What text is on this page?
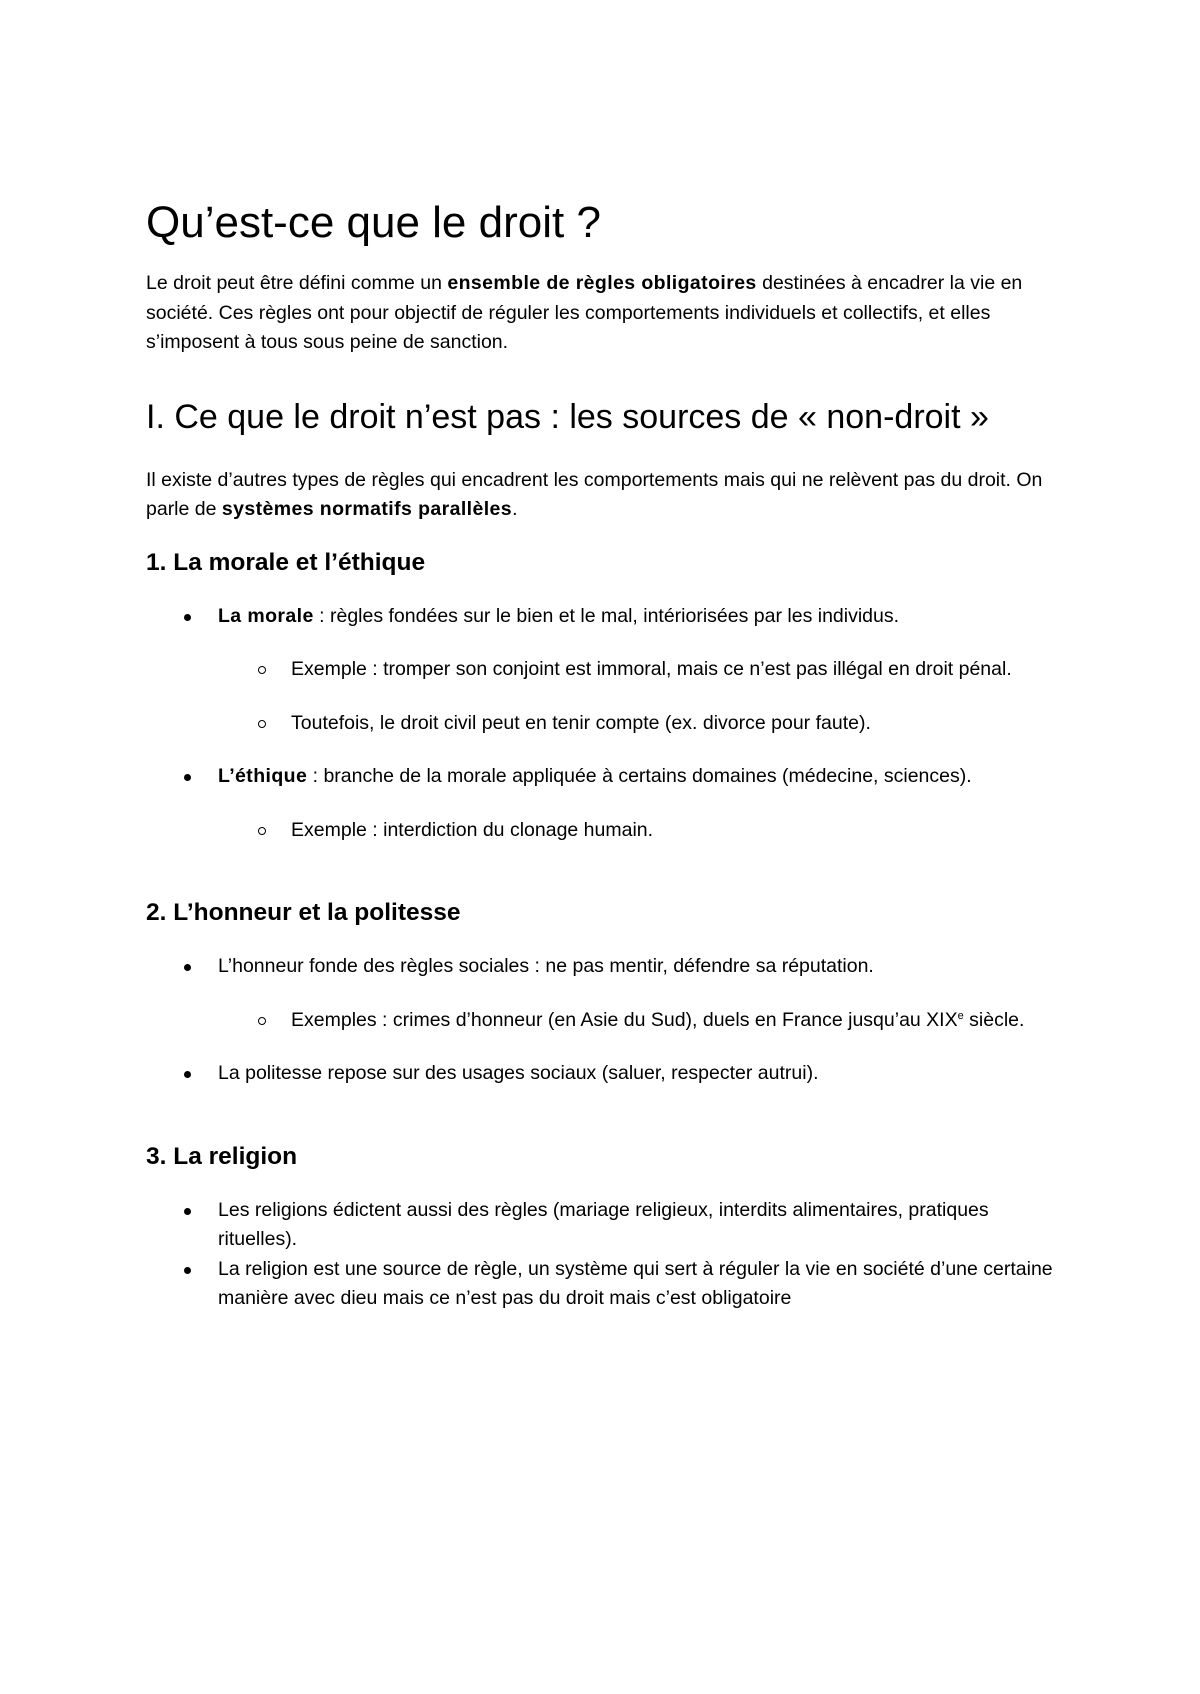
Qu’est-ce que le droit ?

Le droit peut être défini comme un ensemble de règles obligatoires destinées à encadrer la vie en société. Ces règles ont pour objectif de réguler les comportements individuels et collectifs, et elles s’imposent à tous sous peine de sanction.

I. Ce que le droit n’est pas : les sources de « non-droit »

Il existe d’autres types de règles qui encadrent les comportements mais qui ne relèvent pas du droit. On parle de systèmes normatifs parallèles.

1. La morale et l’éthique
La morale : règles fondées sur le bien et le mal, intériorisées par les individus.
Exemple : tromper son conjoint est immoral, mais ce n’est pas illégal en droit pénal.
Toutefois, le droit civil peut en tenir compte (ex. divorce pour faute).
L’éthique : branche de la morale appliquée à certains domaines (médecine, sciences).
Exemple : interdiction du clonage humain.
2. L’honneur et la politesse
L’honneur fonde des règles sociales : ne pas mentir, défendre sa réputation.
Exemples : crimes d’honneur (en Asie du Sud), duels en France jusqu’au XIXe siècle.
La politesse repose sur des usages sociaux (saluer, respecter autrui).
3. La religion
Les religions édictent aussi des règles (mariage religieux, interdits alimentaires, pratiques rituelles).
La religion est une source de règle, un système qui sert à réguler la vie en société d’une certaine manière avec dieu mais ce n’est pas du droit mais c’est obligatoire
